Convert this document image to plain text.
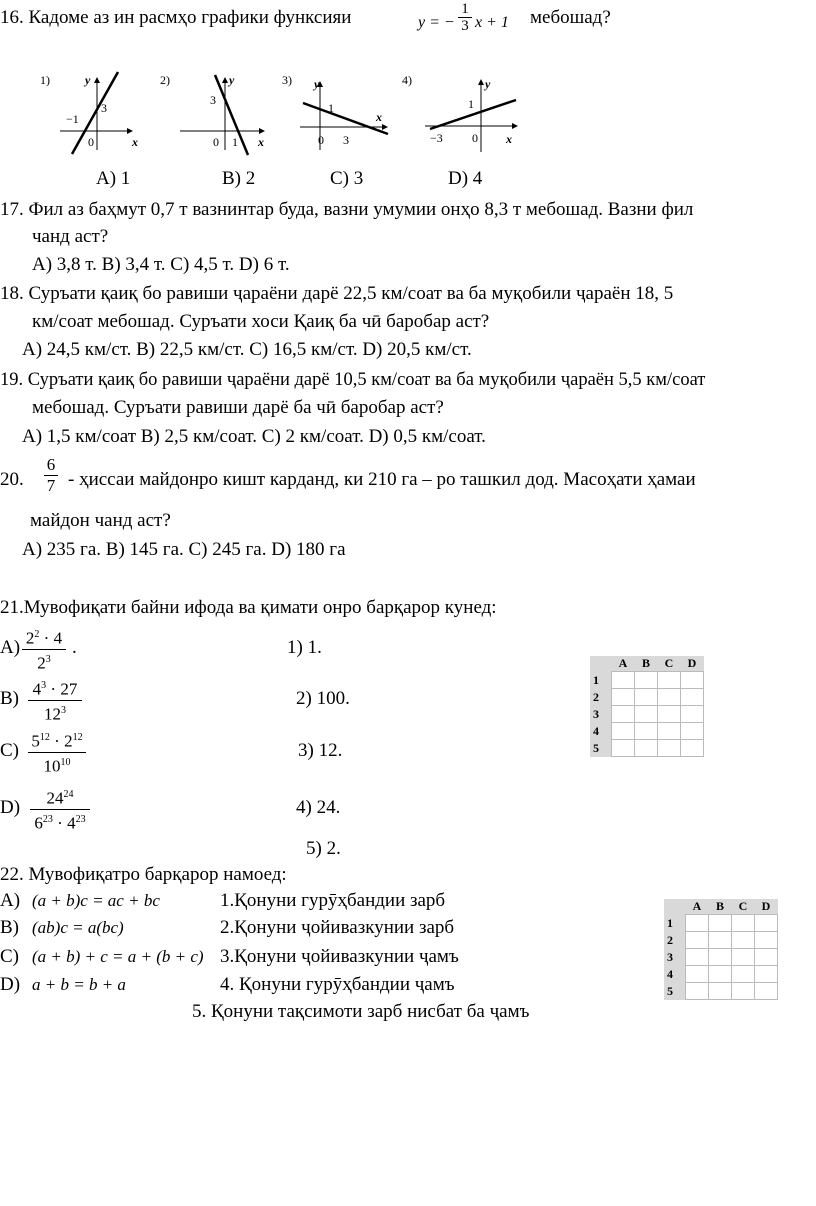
16. Кадоме аз ин расмҳо графики функсияи	y = −
1
3 x + 1 мебошад?
1)	y
x
3
−1
0
2)	y
x
3
1
0
3) y
x
1
3
0
4)	y
x
1
−3 0
A) 1	B) 2	C) 3	D) 4
17. Фил аз баҳмут 0,7 т вазнинтар буда, вазни умумии онҳо 8,3 т мебошад. Вазни фил
чанд аст?
A) 3,8 т. B) 3,4 т. C) 4,5 т. D) 6 т.
18. Суръати қаиқ бо равиши ҷараёни дарё 22,5 км/соат ва ба муқобили ҷараён 18, 5
км/соат мебошад. Суръати хоси Қаиқ ба чӣ баробар аст?
A) 24,5 км/ст. B) 22,5 км/ст. C) 16,5 км/ст. D) 20,5 км/ст.
19. Суръати қаиқ бо равиши ҷараёни дарё 10,5 км/соат ва ба муқобили ҷараён 5,5 км/соат
мебошад. Суръати равиши дарё ба чӣ баробар аст?
A) 1,5 км/соат B) 2,5 км/соат. C) 2 км/соат. D) 0,5 км/соат.
20.
6
7 - ҳиссаи майдонро кишт карданд, ки 210 га – ро ташкил дод. Масоҳати ҳамаи
майдон чанд аст?
A) 235 га. B) 145 га. C) 245 га. D) 180 га
21.Мувофиқати байни ифода ва қимати онро барқарор кунед:
A) $2^2 \cdot 4$
$2^3$
.
B) $4^3 \cdot 27$
$12^3$
C) $5^{12} \cdot 2^{12}$
$10^{10}$
D)	$24^{24}$
$6^{23} \cdot 4^{23}$
1) 1.
2) 100.
3) 12.
4) 24.
5) 2.
	A	B	C	D
1				
2				
3				
4				
5				
22. Мувофиқатро барқарор намоед:
A) (a + b)c = ac + bc
B) (ab)c = a(bc)
C) (a + b) + c = a + (b + c)
D) a + b = b + a
1.Қонуни гурӯҳбандии зарб
2.Қонуни ҷойивазкунии зарб
3.Қонуни ҷойивазкунии ҷамъ
4. Қонуни гурӯҳбандии ҷамъ
5. Қонуни тақсимоти зарб нисбат ба ҷамъ
	A	B	C	D
1				
2				
3				
4				
5				
